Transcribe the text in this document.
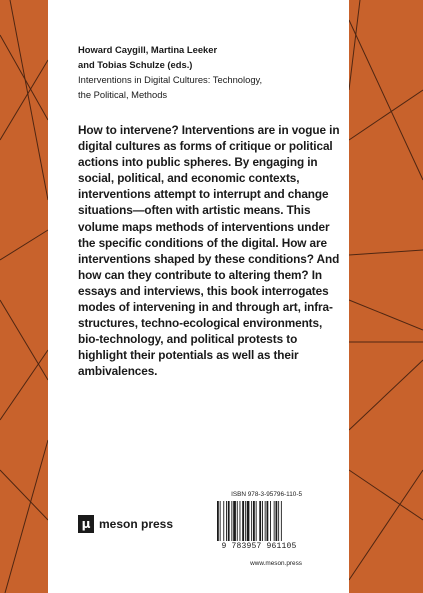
Howard Caygill, Martina Leeker
and Tobias Schulze (eds.)
Interventions in Digital Cultures: Technology,
the Political, Methods

How to intervene? Interventions are in vogue in digital cultures as forms of critique or political actions into public spheres. By engaging in social, political, and economic contexts, interventions attempt to interrupt and change situations—often with artistic means. This volume maps methods of interventions under the specific conditions of the digital. How are interventions shaped by these conditions? And how can they contribute to altering them? In essays and interviews, this book interrogates modes of intervening in and through art, infra-structures, techno-ecological environments, bio-technology, and political protests to highlight their potentials as well as their ambivalences.

μ meson press
ISBN 978-3-95796-110-5
9 783957 961105
www.meson.press
